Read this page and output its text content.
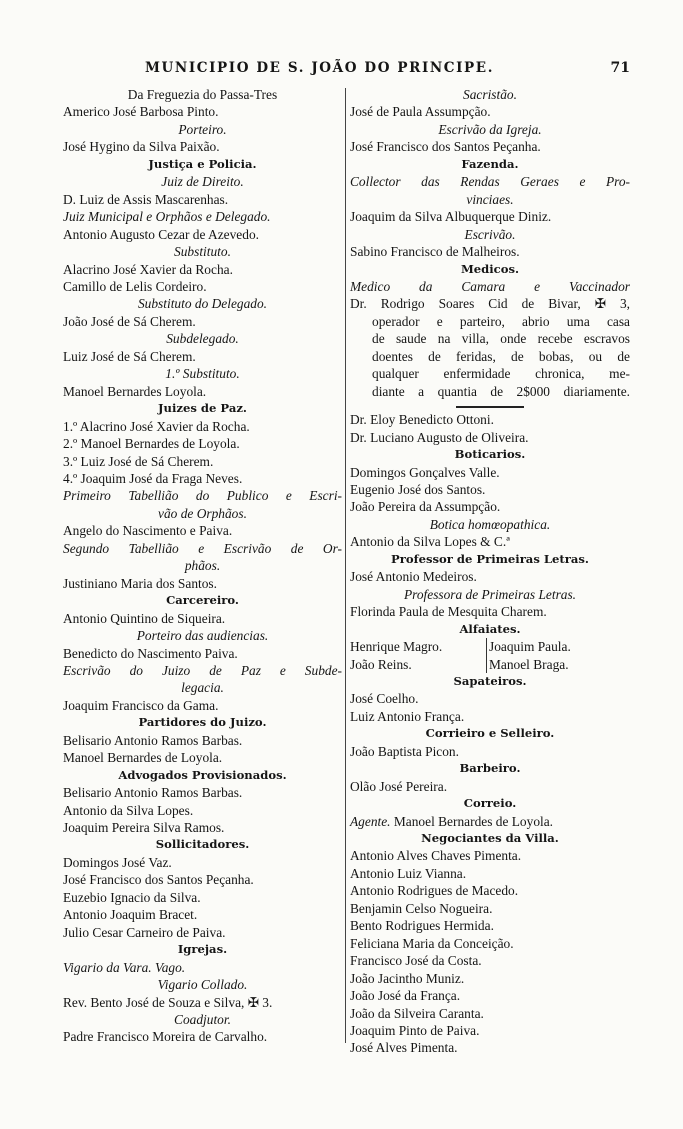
MUNICIPIO DE S. JOÃO DO PRINCIPE.	71
Da Freguezia do Passa-Tres
Americo José Barbosa Pinto.
Porteiro.
José Hygino da Silva Paixão.
Justiça e Policia.
Juiz de Direito.
D. Luiz de Assis Mascarenhas.
Juiz Municipal e Orphãos e Delegado.
Antonio Augusto Cezar de Azevedo.
Substituto.
Alacrino José Xavier da Rocha.
Camillo de Lelis Cordeiro.
Substituto do Delegado.
João José de Sá Cherem.
Subdelegado.
Luiz José de Sá Cherem.
1.º Substituto.
Manoel Bernardes Loyola.
Juizes de Paz.
1.º Alacrino José Xavier da Rocha.
2.º Manoel Bernardes de Loyola.
3.º Luiz José de Sá Cherem.
4.º Joaquim José da Fraga Neves.
Primeiro Tabellião do Publico e Escri-
vão de Orphãos.
Angelo do Nascimento e Paiva.
Segundo Tabellião e Escrivão de Or-
phãos.
Justiniano Maria dos Santos.
Carcereiro.
Antonio Quintino de Siqueira.
Porteiro das audiencias.
Benedicto do Nascimento Paiva.
Escrivão do Juizo de Paz e Subde-
legacia.
Joaquim Francisco da Gama.
Partidores do Juizo.
Belisario Antonio Ramos Barbas.
Manoel Bernardes de Loyola.
Advogados Provisionados.
Belisario Antonio Ramos Barbas.
Antonio da Silva Lopes.
Joaquim Pereira Silva Ramos.
Sollicitadores.
Domingos José Vaz.
José Francisco dos Santos Peçanha.
Euzebio Ignacio da Silva.
Antonio Joaquim Bracet.
Julio Cesar Carneiro de Paiva.
Igrejas.
Vigario da Vara. Vago.
Vigario Collado.
Rev. Bento José de Souza e Silva, ✠ 3.
Coadjutor.
Padre Francisco Moreira de Carvalho.
Sacristão.
José de Paula Assumpção.
Escrivão da Igreja.
José Francisco dos Santos Peçanha.
Fazenda.
Collector das Rendas Geraes e Pro-
vinciaes.
Joaquim da Silva Albuquerque Diniz.
Escrivão.
Sabino Francisco de Malheiros.
Medicos.
Medico da Camara e Vaccinador
Dr. Rodrigo Soares Cid de Bivar, ✠ 3,
operador e parteiro, abrio uma casa
de saude na villa, onde recebe escravos
doentes de feridas, de bobas, ou de
qualquer enfermidade chronica, me-
diante a quantia de 2$000 diariamente.
Dr. Eloy Benedicto Ottoni.
Dr. Luciano Augusto de Oliveira.
Boticarios.
Domingos Gonçalves Valle.
Eugenio José dos Santos.
João Pereira da Assumpção.
Botica homœopathica.
Antonio da Silva Lopes & C.ª
Professor de Primeiras Letras.
José Antonio Medeiros.
Professora de Primeiras Letras.
Florinda Paula de Mesquita Charem.
Alfaiates.
Henrique Magro.	Joaquim Paula.
João Reins.	Manoel Braga.
Sapateiros.
José Coelho.
Luiz Antonio França.
Corrieiro e Selleiro.
João Baptista Picon.
Barbeiro.
Olão José Pereira.
Correio.
Agente. Manoel Bernardes de Loyola.
Negociantes da Villa.
Antonio Alves Chaves Pimenta.
Antonio Luiz Vianna.
Antonio Rodrigues de Macedo.
Benjamin Celso Nogueira.
Bento Rodrigues Hermida.
Feliciana Maria da Conceição.
Francisco José da Costa.
João Jacintho Muniz.
João José da França.
João da Silveira Caranta.
Joaquim Pinto de Paiva.
José Alves Pimenta.
